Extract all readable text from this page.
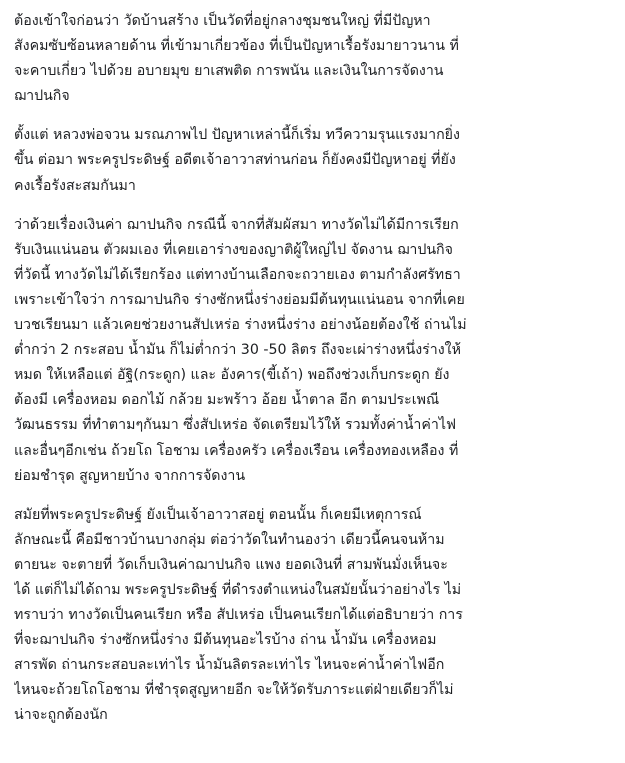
ต้องเข้าใจก่อนว่า วัดบ้านสร้าง เป็นวัดที่อยู่กลางชุมชนใหญ่ ที่มีปัญหา
สังคมซับซ้อนหลายด้าน ที่เข้ามาเกี่ยวข้อง ที่เป็นปัญหาเรื้อรังมายาวนาน ที่
จะคาบเกี่ยว ไปด้วย อบายมุข ยาเสพติด การพนัน และเงินในการจัดงาน
ฌาปนกิจ
ตั้งแต่ หลวงพ่อจวน มรณภาพไป ปัญหาเหล่านี้ก็เริ่ม ทวีความรุนแรงมากยิ่ง
ขึ้น ต่อมา พระครูประดิษฐ์ อดีตเจ้าอาวาสท่านก่อน ก็ยังคงมีปัญหาอยู่ ที่ยัง
คงเรื้อรังสะสมกันมา
ว่าด้วยเรื่องเงินค่า ฌาปนกิจ กรณีนี้ จากที่สัมผัสมา ทางวัดไม่ได้มีการเรียก
รับเงินแน่นอน ตัวผมเอง ที่เคยเอาร่างของญาติผู้ใหญ่ไป จัดงาน ฌาปนกิจ
ที่วัดนี้ ทางวัดไม่ได้เรียกร้อง แต่ทางบ้านเลือกจะถวายเอง ตามกำลังศรัทธา
เพราะเข้าใจว่า การฌาปนกิจ ร่างซักหนึ่งร่างย่อมมีต้นทุนแน่นอน จากที่เคย
บวชเรียนมา แล้วเคยช่วยงานสัปเหร่อ ร่างหนึ่งร่าง อย่างน้อยต้องใช้ ถ่านไม่
ต่ำกว่า 2 กระสอบ น้ำมัน ก็ไม่ต่ำกว่า 30 -50 ลิตร ถึงจะเผ่าร่างหนึ่งร่างให้
หมด ให้เหลือแต่ อัฐิ(กระดูก) และ อังคาร(ขี้เถ้า) พอถึงช่วงเก็บกระดูก ยัง
ต้องมี เครื่องหอม ดอกไม้ กล้วย มะพร้าว อ้อย น้ำตาล อีก ตามประเพณี
วัฒนธรรม ที่ทำตามๆกันมา ซึ่งสัปเหร่อ จัดเตรียมไว้ให้ รวมทั้งค่าน้ำค่าไฟ
และอื่นๆอีกเช่น ถ้วยโถ โอชาม เครื่องครัว เครื่องเรือน เครื่องทองเหลือง ที่
ย่อมชำรุด สูญหายบ้าง จากการจัดงาน
สมัยที่พระครูประดิษฐ์ ยังเป็นเจ้าอาวาสอยู่ ตอนนั้น ก็เคยมีเหตุการณ์
ลักษณะนี้ คือมีชาวบ้านบางกลุ่ม ต่อว่าวัดในทำนองว่า เดียวนี้คนจนห้าม
ตายนะ จะตายที่ วัดเก็บเงินค่าฌาปนกิจ แพง ยอดเงินที่ สามพันมั่งเห็นจะ
ได้ แต่ก็ไม่ได้ถาม พระครูประดิษฐ์ ที่ดำรงตำแหน่งในสมัยนั้นว่าอย่างไร ไม่
ทราบว่า ทางวัดเป็นคนเรียก หรือ สัปเหร่อ เป็นคนเรียกได้แต่อธิบายว่า การ
ที่จะฌาปนกิจ ร่างซักหนึ่งร่าง มีต้นทุนอะไรบ้าง ถ่าน น้ำมัน เครื่องหอม
สารพัด ถ่านกระสอบละเท่าไร น้ำมันลิตรละเท่าไร ไหนจะค่าน้ำค่าไฟอีก
ไหนจะถ้วยโถโอชาม ที่ชำรุดสูญหายอีก จะให้วัดรับภาระแต่ฝ่ายเดียวก็ไม่
น่าจะถูกต้องนัก
